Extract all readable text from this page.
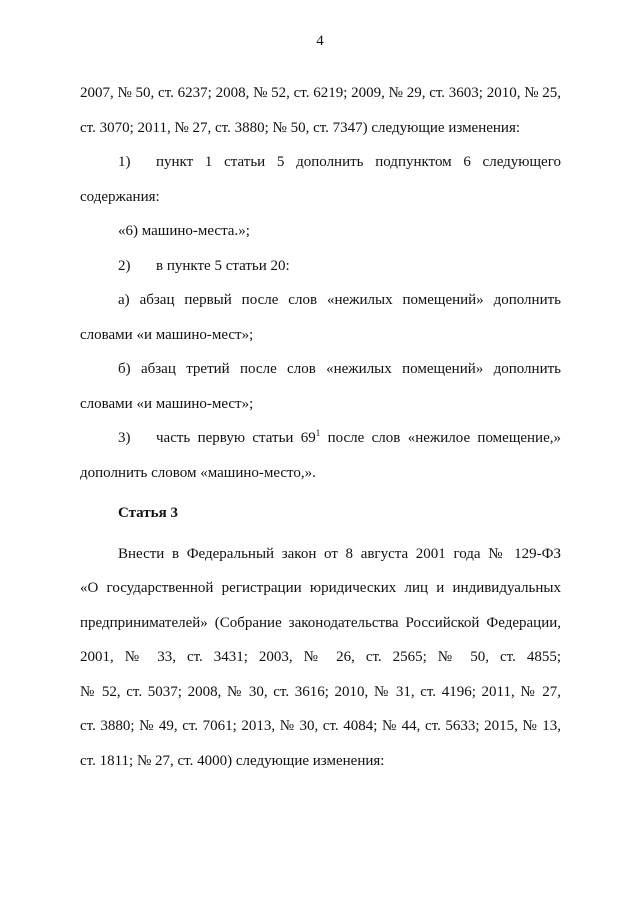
4

2007, № 50, ст. 6237; 2008, № 52, ст. 6219; 2009, № 29, ст. 3603; 2010, № 25,

ст. 3070; 2011, № 27, ст. 3880; № 50, ст. 7347) следующие изменения:

1)	пункт 1 статьи 5 дополнить подпунктом 6 следующего

содержания:

«6) машино-места.»;

2)	в пункте 5 статьи 20:

а) абзац первый после слов «нежилых помещений» дополнить

словами «и машино-мест»;

б) абзац третий после слов «нежилых помещений» дополнить

словами «и машино-мест»;

3)	часть первую статьи $69^1$ после слов «нежилое помещение,»

дополнить словом «машино-место,».

Статья 3

Внести в Федеральный закон от 8 августа 2001 года № 129-ФЗ

«О государственной регистрации юридических лиц и индивидуальных

предпринимателей» (Собрание законодательства Российской Федерации,

2001, № 33, ст. 3431; 2003, № 26, ст. 2565; № 50, ст. 4855;

№ 52, ст. 5037; 2008, № 30, ст. 3616; 2010, № 31, ст. 4196; 2011, № 27,

ст. 3880; № 49, ст. 7061; 2013, № 30, ст. 4084; № 44, ст. 5633; 2015, № 13,

ст. 1811; № 27, ст. 4000) следующие изменения:
